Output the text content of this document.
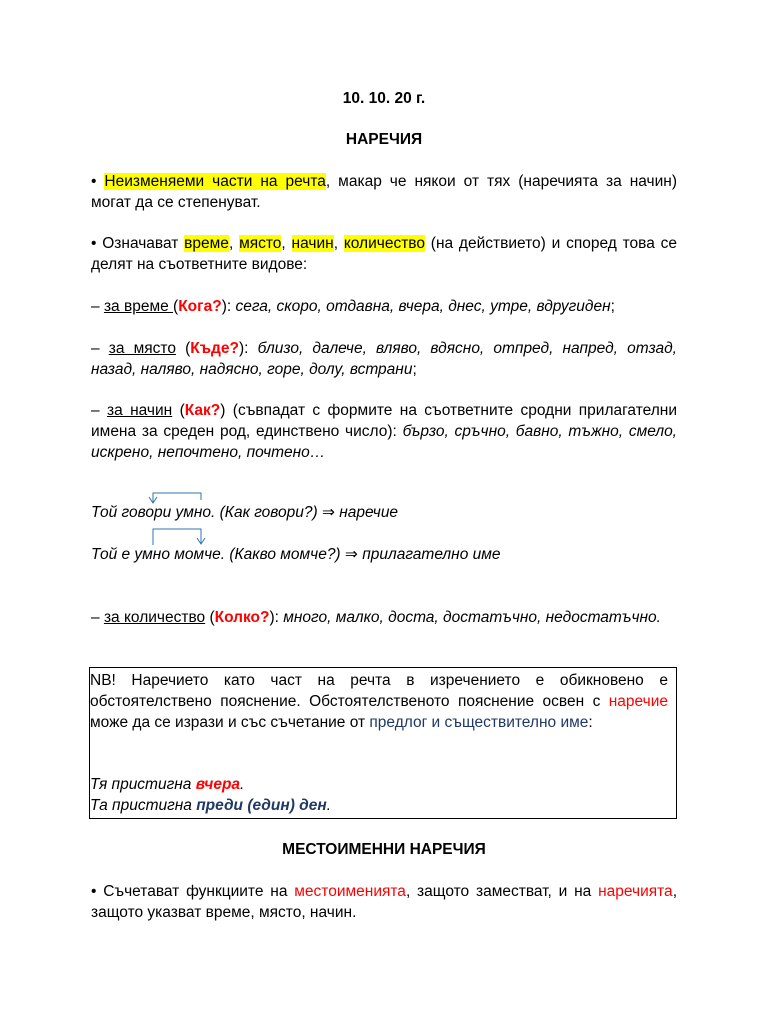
10. 10. 20 г.

НАРЕЧИЯ

• Неизменяеми части на речта, макар че някои от тях (наречията за начин) могат да се степенуват.

• Означават време, място, начин, количество (на действието) и според това се делят на съответните видове:

– за време (Кога?): сега, скоро, отдавна, вчера, днес, утре, вдругиден;

– за място (Къде?): близо, далече, вляво, вдясно, отпред, напред, отзад, назад, наляво, надясно, горе, долу, встрани;

– за начин (Как?) (съвпадат с формите на съответните сродни прилагателни имена за среден род, единствено число): бързо, сръчно, бавно, тъжно, смело, искрено, непочтено, почтено…

Той говори умно. (Как говори?) ⇒ наречие

Той е умно момче. (Какво момче?) ⇒ прилагателно име

– за количество (Колко?): много, малко, доста, достатъчно, недостатъчно.

NB! Наречието като част на речта в изречението е обикновено е обстоятелствено пояснение. Обстоятелственото пояснение освен с наречие може да се изрази и със съчетание от предлог и съществително име:

Тя пристигна вчера.

Та пристигна преди (един) ден.

МЕСТОИМЕННИ НАРЕЧИЯ

• Съчетават функциите на местоименията, защото заместват, и на наречията, защото указват време, място, начин.
